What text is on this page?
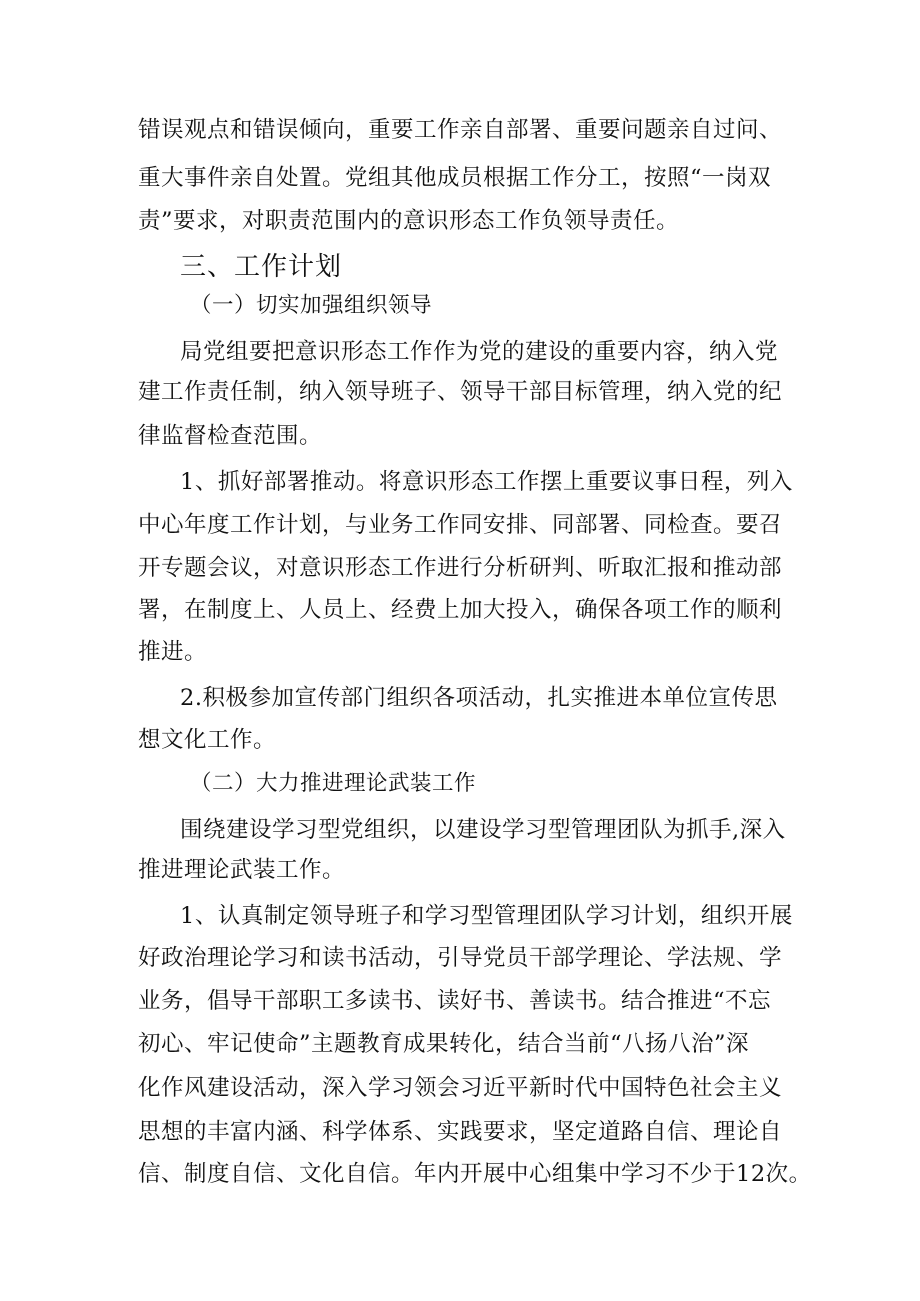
错误观点和错误倾向，重要工作亲自部署、重要问题亲自过问、
重大事件亲自处置。党组其他成员根据工作分工，按照“一岗双
责”要求，对职责范围内的意识形态工作负领导责任。
三、工作计划
（一）切实加强组织领导
局党组要把意识形态工作作为党的建设的重要内容，纳入党
建工作责任制，纳入领导班子、领导干部目标管理，纳入党的纪
律监督检查范围。
1、抓好部署推动。将意识形态工作摆上重要议事日程，列入
中心年度工作计划，与业务工作同安排、同部署、同检查。要召
开专题会议，对意识形态工作进行分析研判、听取汇报和推动部
署，在制度上、人员上、经费上加大投入，确保各项工作的顺利
推进。
2.积极参加宣传部门组织各项活动，扎实推进本单位宣传思
想文化工作。
（二）大力推进理论武装工作
围绕建设学习型党组织，以建设学习型管理团队为抓手,深入
推进理论武装工作。
1、认真制定领导班子和学习型管理团队学习计划，组织开展
好政治理论学习和读书活动，引导党员干部学理论、学法规、学
业务，倡导干部职工多读书、读好书、善读书。结合推进“不忘
初心、牢记使命”主题教育成果转化，结合当前“八扬八治”深
化作风建设活动，深入学习领会习近平新时代中国特色社会主义
思想的丰富内涵、科学体系、实践要求，坚定道路自信、理论自
信、制度自信、文化自信。年内开展中心组集中学习不少于12次。
